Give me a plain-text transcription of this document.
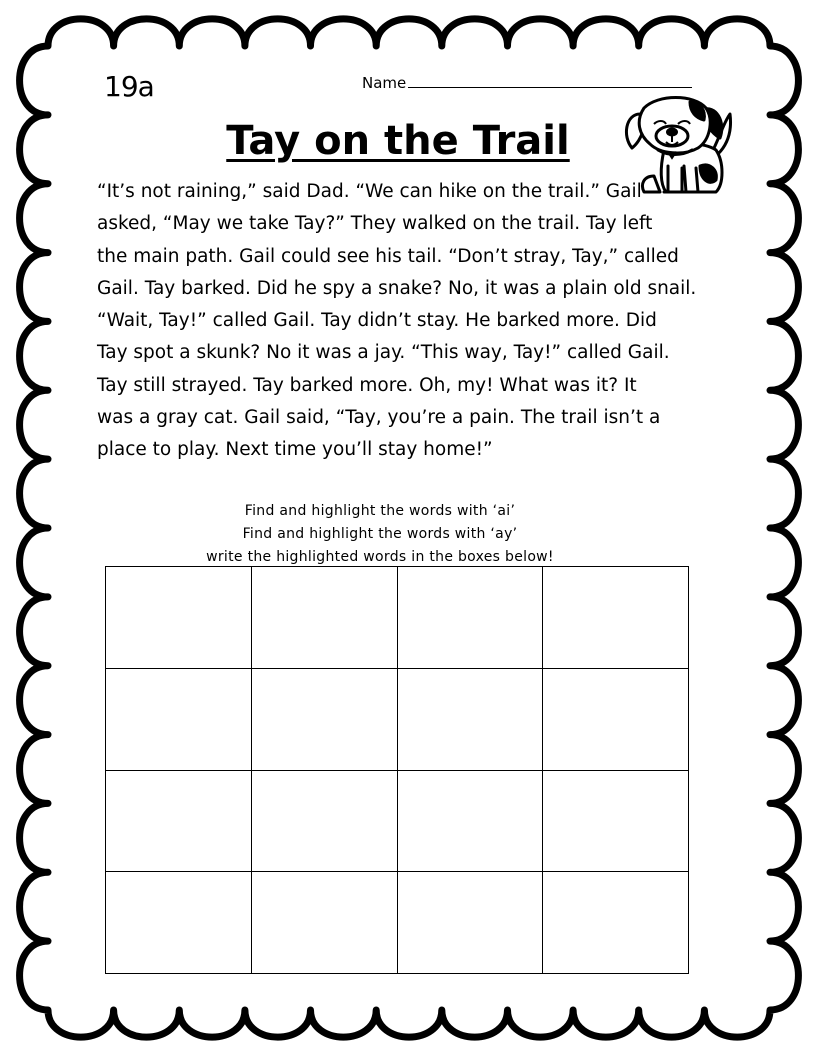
19a	Name
Tay on the Trail
“It’s not raining,” said Dad. “We can hike on the trail.” Gail
asked, “May we take Tay?” They walked on the trail. Tay left
the main path. Gail could see his tail. “Don’t stray, Tay,” called
Gail. Tay barked. Did he spy a snake? No, it was a plain old snail.
“Wait, Tay!” called Gail. Tay didn’t stay. He barked more. Did
Tay spot a skunk? No it was a jay. “This way, Tay!” called Gail.
Tay still strayed. Tay barked more. Oh, my! What was it? It
was a gray cat. Gail said, “Tay, you’re a pain. The trail isn’t a
place to play. Next time you’ll stay home!”
Find and highlight the words with ‘ai’
Find and highlight the words with ‘ay’
write the highlighted words in the boxes below!
